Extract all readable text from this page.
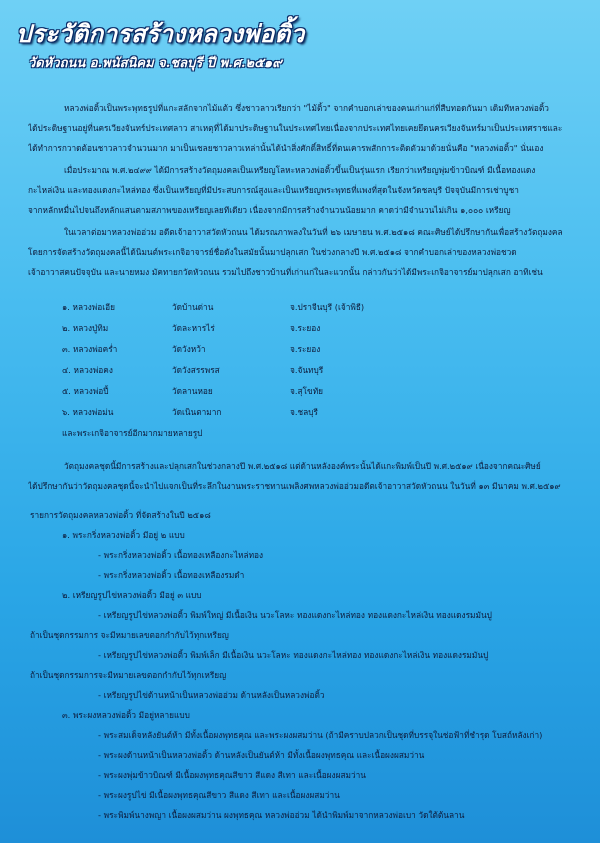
ประวัติการสร้างหลวงพ่อติ้ว
วัดหัวถนน อ.พนัสนิคม จ.ชลบุรี ปี พ.ศ.๒๕๑๙
หลวงพ่อติ้วเป็นพระพุทธรูปที่แกะสลักจากไม้แต้ว ซึ่งชาวลาวเรียกว่า "ไม้ติ้ว" จากคำบอกเล่าของคนเก่าแก่ที่สืบทอดกันมา เดิมทีหลวงพ่อติ้ว
ได้ประดิษฐานอยู่ที่นครเวียงจันทร์ประเทศลาว สาเหตุที่ได้มาประดิษฐานในประเทศไทยเนื่องจากประเทศไทยเคยยึดนครเวียงจันทร์มาเป็นประเทศราชและ
ได้ทำการกวาดต้อนชาวลาวจำนวนมาก มาเป็นเชลยชาวลาวเหล่านั้นได้นำสิ่งศักดิ์สิทธิ์ที่ตนเคารพสักการะติดตัวมาด้วยนั่นคือ "หลวงพ่อติ้ว" นั่นเอง
เมื่อประมาณ พ.ศ.๒๔๙๙ ได้มีการสร้างวัตถุมงคลเป็นเหรียญโลหะหลวงพ่อติ้วขึ้นเป็นรุ่นแรก เรียกว่าเหรียญพุ่มข้าวบิณฑ์ มีเนื้อทองแดง
กะไหล่เงิน และทองแดงกะไหล่ทอง ซึ่งเป็นเหรียญที่มีประสบการณ์สูงและเป็นเหรียญพระพุทธที่แพงที่สุดในจังหวัดชลบุรี ปัจจุบันมีการเช่าบูชา
จากหลักหมื่นไปจนถึงหลักแสนตามสภาพของเหรียญเลยทีเดียว เนื่องจากมีการสร้างจำนวนน้อยมาก คาดว่ามีจำนวนไม่เกิน ๑,๐๐๐ เหรียญ
ในเวลาต่อมาหลวงพ่ออ่วม อดีตเจ้าอาวาสวัดหัวถนน ได้มรณภาพลงในวันที่ ๒๖ เมษายน พ.ศ.๒๕๑๘ คณะศิษย์ได้ปรึกษากันเพื่อสร้างวัตถุมงคล
โดยการจัดสร้างวัตถุมงคลนี้ได้นิมนต์พระเกจิอาจารย์ชื่อดังในสมัยนั้นมาปลุกเสก ในช่วงกลางปี พ.ศ.๒๕๑๘ จากคำบอกเล่าของหลวงพ่อชวด
เจ้าอาวาสคนปัจจุบัน และนายหมง มัคทายกวัดหัวถนน รวมไปถึงชาวบ้านที่เก่าแก่ในละแวกนั้น กล่าวกันว่าได้มีพระเกจิอาจารย์มาปลุกเสก อาทิเช่น
๑. หลวงพ่อเอีย	วัดบ้านด่าน	จ.ปราจีนบุรี (เจ้าพิธี)
๒. หลวงปู่ทิม	วัดละหารไร่	จ.ระยอง
๓. หลวงพ่อคร่ำ	วัดวังหว้า	จ.ระยอง
๔. หลวงพ่อคง	วัดวังสรรพรส	จ.จันทบุรี
๕. หลวงพ่อปี้	วัดลานหอย	จ.สุโขทัย
๖. หลวงพ่อม่น	วัดเนินตามาก	จ.ชลบุรี
และพระเกจิอาจารย์อีกมากมายหลายรูป
วัตถุมงคลชุดนี้มีการสร้างและปลุกเสกในช่วงกลางปี พ.ศ.๒๕๑๘ แต่ด้านหลังองค์พระนั้นได้แกะพิมพ์เป็นปี พ.ศ.๒๕๑๙ เนื่องจากคณะศิษย์
ได้ปรึกษากันว่าวัตถุมงคลชุดนี้จะนำไปแจกเป็นที่ระลึกในงานพระราชทานเพลิงศพหลวงพ่ออ่วมอดีตเจ้าอาวาสวัดหัวถนน ในวันที่ ๑๓ มีนาคม พ.ศ.๒๕๑๙
รายการวัตถุมงคลหลวงพ่อติ้ว ที่จัดสร้างในปี ๒๕๑๘
๑. พระกริ่งหลวงพ่อติ้ว มีอยู่ ๒ แบบ
- พระกริ่งหลวงพ่อติ้ว เนื้อทองเหลืองกะไหล่ทอง
- พระกริ่งหลวงพ่อติ้ว เนื้อทองเหลืองรมดำ
๒. เหรียญรูปไข่หลวงพ่อติ้ว มีอยู่ ๓ แบบ
- เหรียญรูปไข่หลวงพ่อติ้ว พิมพ์ใหญ่ มีเนื้อเงิน นวะโลหะ ทองแดงกะไหล่ทอง ทองแดงกะไหล่เงิน ทองแดงรมมันปู
ถ้าเป็นชุดกรรมการ จะมีหมายเลขตอกกำกับไว้ทุกเหรียญ
- เหรียญรูปไข่หลวงพ่อติ้ว พิมพ์เล็ก มีเนื้อเงิน นวะโลหะ ทองแดงกะไหล่ทอง ทองแดงกะไหล่เงิน ทองแดงรมมันปู
ถ้าเป็นชุดกรรมการจะมีหมายเลขตอกกำกับไว้ทุกเหรียญ
- เหรียญรูปไข่ด้านหน้าเป็นหลวงพ่ออ่วม ด้านหลังเป็นหลวงพ่อติ้ว
๓. พระผงหลวงพ่อติ้ว มีอยู่หลายแบบ
- พระสมเด็จหลังยันต์ห้า มีทั้งเนื้อผงพุทธคุณ และพระผงผสมว่าน (ถ้ามีคราบปลวกเป็นชุดที่บรรจุในช่อฟ้าที่ชำรุด โบสถ์หลังเก่า)
- พระผงด้านหน้าเป็นหลวงพ่อติ้ว ด้านหลังเป็นยันต์ห้า มีทั้งเนื้อผงพุทธคุณ และเนื้อผงผสมว่าน
- พระผงพุ่มข้าวบิณฑ์ มีเนื้อผงพุทธคุณสีขาว สีแดง สีเทา และเนื้อผงผสมว่าน
- พระผงรูปไข่ มีเนื้อผงพุทธคุณสีขาว สีแดง สีเทา และเนื้อผงผสมว่าน
- พระพิมพ์นางพญา เนื้อผงผสมว่าน ผงพุทธคุณ หลวงพ่ออ่วม ได้นำพิมพ์มาจากหลวงพ่อเบา วัดใต้ต้นลาน
